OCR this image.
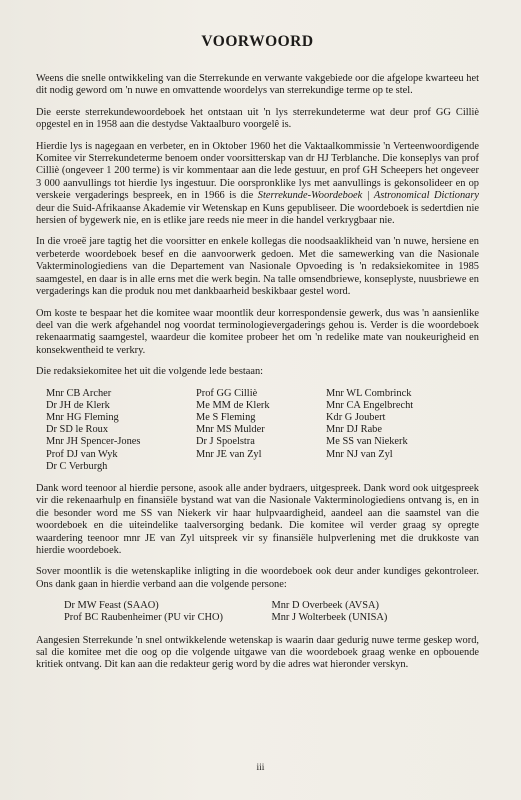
VOORWOORD

Weens die snelle ontwikkeling van die Sterrekunde en verwante vakgebiede oor die afgelope kwarteeu het dit nodig geword om 'n nuwe en omvattende woordelys van sterrekundige terme op te stel.

Die eerste sterrekundewoordeboek het ontstaan uit 'n lys sterrekundeterme wat deur prof GG Cilliè opgestel en in 1958 aan die destydse Vaktaalburo voorgelê is.

Hierdie lys is nagegaan en verbeter, en in Oktober 1960 het die Vaktaalkommissie 'n Verteenwoordigende Komitee vir Sterrekundeterme benoem onder voorsitterskap van dr HJ Terblanche. Die konseplys van prof Cilliè (ongeveer 1 200 terme) is vir kommentaar aan die lede gestuur, en prof GH Scheepers het ongeveer 3 000 aanvullings tot hierdie lys ingestuur. Die oorspronklike lys met aanvullings is gekonsolideer en op verskeie vergaderings bespreek, en in 1966 is die Sterrekunde-Woordeboek | Astronomical Dictionary deur die Suid-Afrikaanse Akademie vir Wetenskap en Kuns gepubliseer. Die woordeboek is sedertdien nie hersien of bygewerk nie, en is etlike jare reeds nie meer in die handel verkrygbaar nie.

In die vroeë jare tagtig het die voorsitter en enkele kollegas die noodsaaklikheid van 'n nuwe, hersiene en verbeterde woordeboek besef en die aanvoorwerk gedoen. Met die samewerking van die Nasionale Vakterminologiediens van die Departement van Nasionale Opvoeding is 'n redaksiekomitee in 1985 saamgestel, en daar is in alle erns met die werk begin. Na talle omsendbriewe, konseplyste, nuusbriewe en vergaderings kan die produk nou met dankbaarheid beskikbaar gestel word.

Om koste te bespaar het die komitee waar moontlik deur korrespondensie gewerk, dus was 'n aansienlike deel van die werk afgehandel nog voordat terminologievergaderings gehou is. Verder is die woordeboek rekenaarmatig saamgestel, waardeur die komitee probeer het om 'n redelike mate van noukeurigheid en konsekwentheid te verkry.

Die redaksiekomitee het uit die volgende lede bestaan:

Mnr CB Archer
Dr JH de Klerk
Mnr HG Fleming
Dr SD le Roux
Mnr JH Spencer-Jones
Prof DJ van Wyk
Dr C Verburgh
Prof GG Cilliè
Me MM de Klerk
Me S Fleming
Mnr MS Mulder
Dr J Spoelstra
Mnr JE van Zyl
Mnr WL Combrinck
Mnr CA Engelbrecht
Kdr G Joubert
Mnr DJ Rabe
Me SS van Niekerk
Mnr NJ van Zyl

Dank word teenoor al hierdie persone, asook alle ander bydraers, uitgespreek. Dank word ook uitgespreek vir die rekenaarhulp en finansiële bystand wat van die Nasionale Vakterminologiediens ontvang is, en in die besonder word me SS van Niekerk vir haar hulpvaardigheid, aandeel aan die saamstel van die woordeboek en die uiteindelike taalversorging bedank. Die komitee wil verder graag sy opregte waardering teenoor mnr JE van Zyl uitspreek vir sy finansiële hulpverlening met die drukkoste van hierdie woordeboek.

Sover moontlik is die wetenskaplike inligting in die woordeboek ook deur ander kundiges gekontroleer. Ons dank gaan in hierdie verband aan die volgende persone:

Dr MW Feast (SAAO)
Prof BC Raubenheimer (PU vir CHO)
Mnr D Overbeek (AVSA)
Mnr J Wolterbeek (UNISA)

Aangesien Sterrekunde 'n snel ontwikkelende wetenskap is waarin daar gedurig nuwe terme geskep word, sal die komitee met die oog op die volgende uitgawe van die woordeboek graag wenke en opbouende kritiek ontvang. Dit kan aan die redakteur gerig word by die adres wat hieronder verskyn.

iii
